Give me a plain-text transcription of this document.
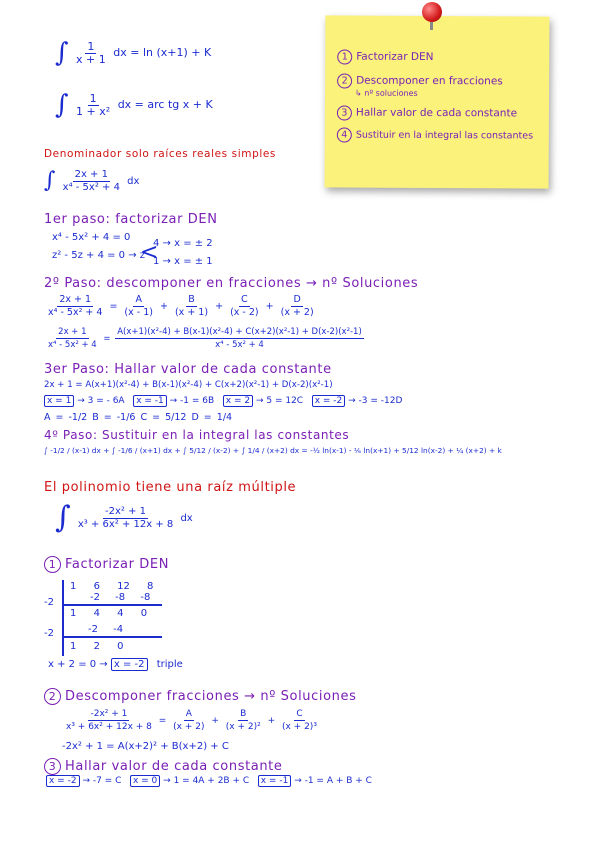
∫ $\frac{1}{x + 1}$ dx = ln (x+1) + K
∫ $\frac{1}{\text{1 + x²}}$ dx = arc tg x + K
1 Factorizar DEN
2 Descomponer en fracciones
↳ nº soluciones
3 Hallar valor de cada constante
4 Sustituir en la integral las constantes
Denominador solo raíces reales simples
∫ $\frac{2x + 1}{\text{x⁴ - 5x² + 4}}$ dx
1er paso: factorizar DEN
x⁴ - 5x² + 4 = 0
z² - 5z + 4 = 0 → z
<
4 → x = ± 2
1 → x = ± 1
2º Paso: descomponer en fracciones → nº Soluciones
$\frac{2x + 1}{\text{x⁴ - 5x² + 4}} = \frac{A}{(x - 1)} + \frac{B}{(x + 1)} + \frac{C}{(x - 2)} + \frac{D}{(x + 2)}$
$\frac{2x + 1}{\text{x⁴ - 5x² + 4}} = \frac{\text{A(x+1)(x²-4) + B(x-1)(x²-4) + C(x+2)(x²-1) + D(x-2)(x²-1)}}{\text{x⁴ - 5x² + 4}}$
3er Paso: Hallar valor de cada constante
2x + 1 = A(x+1)(x²-4) + B(x-1)(x²-4) + C(x+2)(x²-1) + D(x-2)(x²-1)
x = 1 → 3 = - 6A x = -1 → -1 = 6B x = 2 → 5 = 12C x = -2 → -3 = -12D
A = -1/2 B = -1/6 C = 5/12 D = 1/4
4º Paso: Sustituir en la integral las constantes
∫ -1/2 / (x-1) dx + ∫ -1/6 / (x+1) dx + ∫ 5/12 / (x-2) + ∫ 1/4 / (x+2) dx = -½ ln(x-1) - ⅙ ln(x+1) + 5/12 ln(x-2) + ¼ (x+2) + k
El polinomio tiene una raíz múltiple
∫ $\frac{\text{-2x² + 1}}{\text{x³ + 6x² + 12x + 8}}$ dx
1 Factorizar DEN
1 6 12 8
-2	-2 -8 -8
1 4 4 0
-2	-2 -4
1 2 0
x + 2 = 0 → x = -2 triple
2 Descomponer fracciones → nº Soluciones
$\frac{\text{-2x² + 1}}{\text{x³ + 6x² + 12x + 8}} = \frac{A}{(x + 2)} + \frac{B}{\text{(x + 2)²}} + \frac{C}{\text{(x + 2)³}}$
-2x² + 1 = A(x+2)² + B(x+2) + C
3 Hallar valor de cada constante
x = -2 → -7 = C x = 0 → 1 = 4A + 2B + C x = -1 → -1 = A + B + C
